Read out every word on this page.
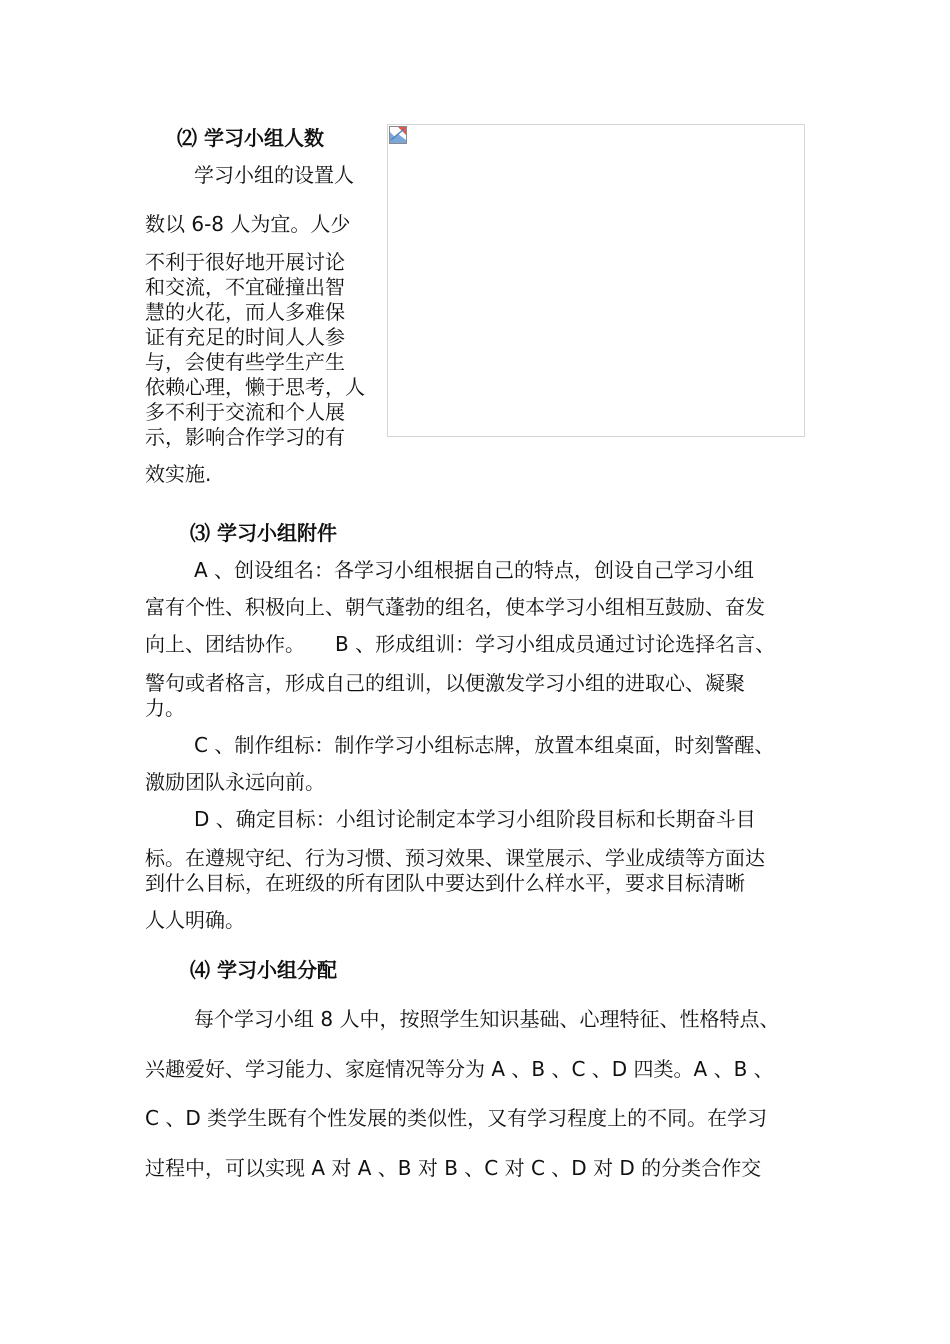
⑵ 学习小组人数
学习小组的设置人
数以 6-8 人为宜。人少
不利于很好地开展讨论
和交流，不宜碰撞出智
慧的火花，而人多难保
证有充足的时间人人参
与，会使有些学生产生
依赖心理，懒于思考，人
多不利于交流和个人展
示，影响合作学习的有
效实施.
⑶ 学习小组附件
A 、创设组名：各学习小组根据自己的特点，创设自己学习小组
富有个性、积极向上、朝气蓬勃的组名，使本学习小组相互鼓励、奋发
向上、团结协作。　　B 、形成组训：学习小组成员通过讨论选择名言、
警句或者格言，形成自己的组训，以便激发学习小组的进取心、凝聚
力。
C 、制作组标：制作学习小组标志牌，放置本组桌面，时刻警醒、
激励团队永远向前。
D 、确定目标：小组讨论制定本学习小组阶段目标和长期奋斗目
标。在遵规守纪、行为习惯、预习效果、课堂展示、学业成绩等方面达
到什么目标，在班级的所有团队中要达到什么样水平，要求目标清晰
人人明确。
⑷ 学习小组分配
每个学习小组 8 人中，按照学生知识基础、心理特征、性格特点、
兴趣爱好、学习能力、家庭情况等分为 A 、B 、C 、D 四类。A 、B 、
C 、D 类学生既有个性发展的类似性，又有学习程度上的不同。在学习
过程中，可以实现 A 对 A 、B 对 B 、C 对 C 、D 对 D 的分类合作交
